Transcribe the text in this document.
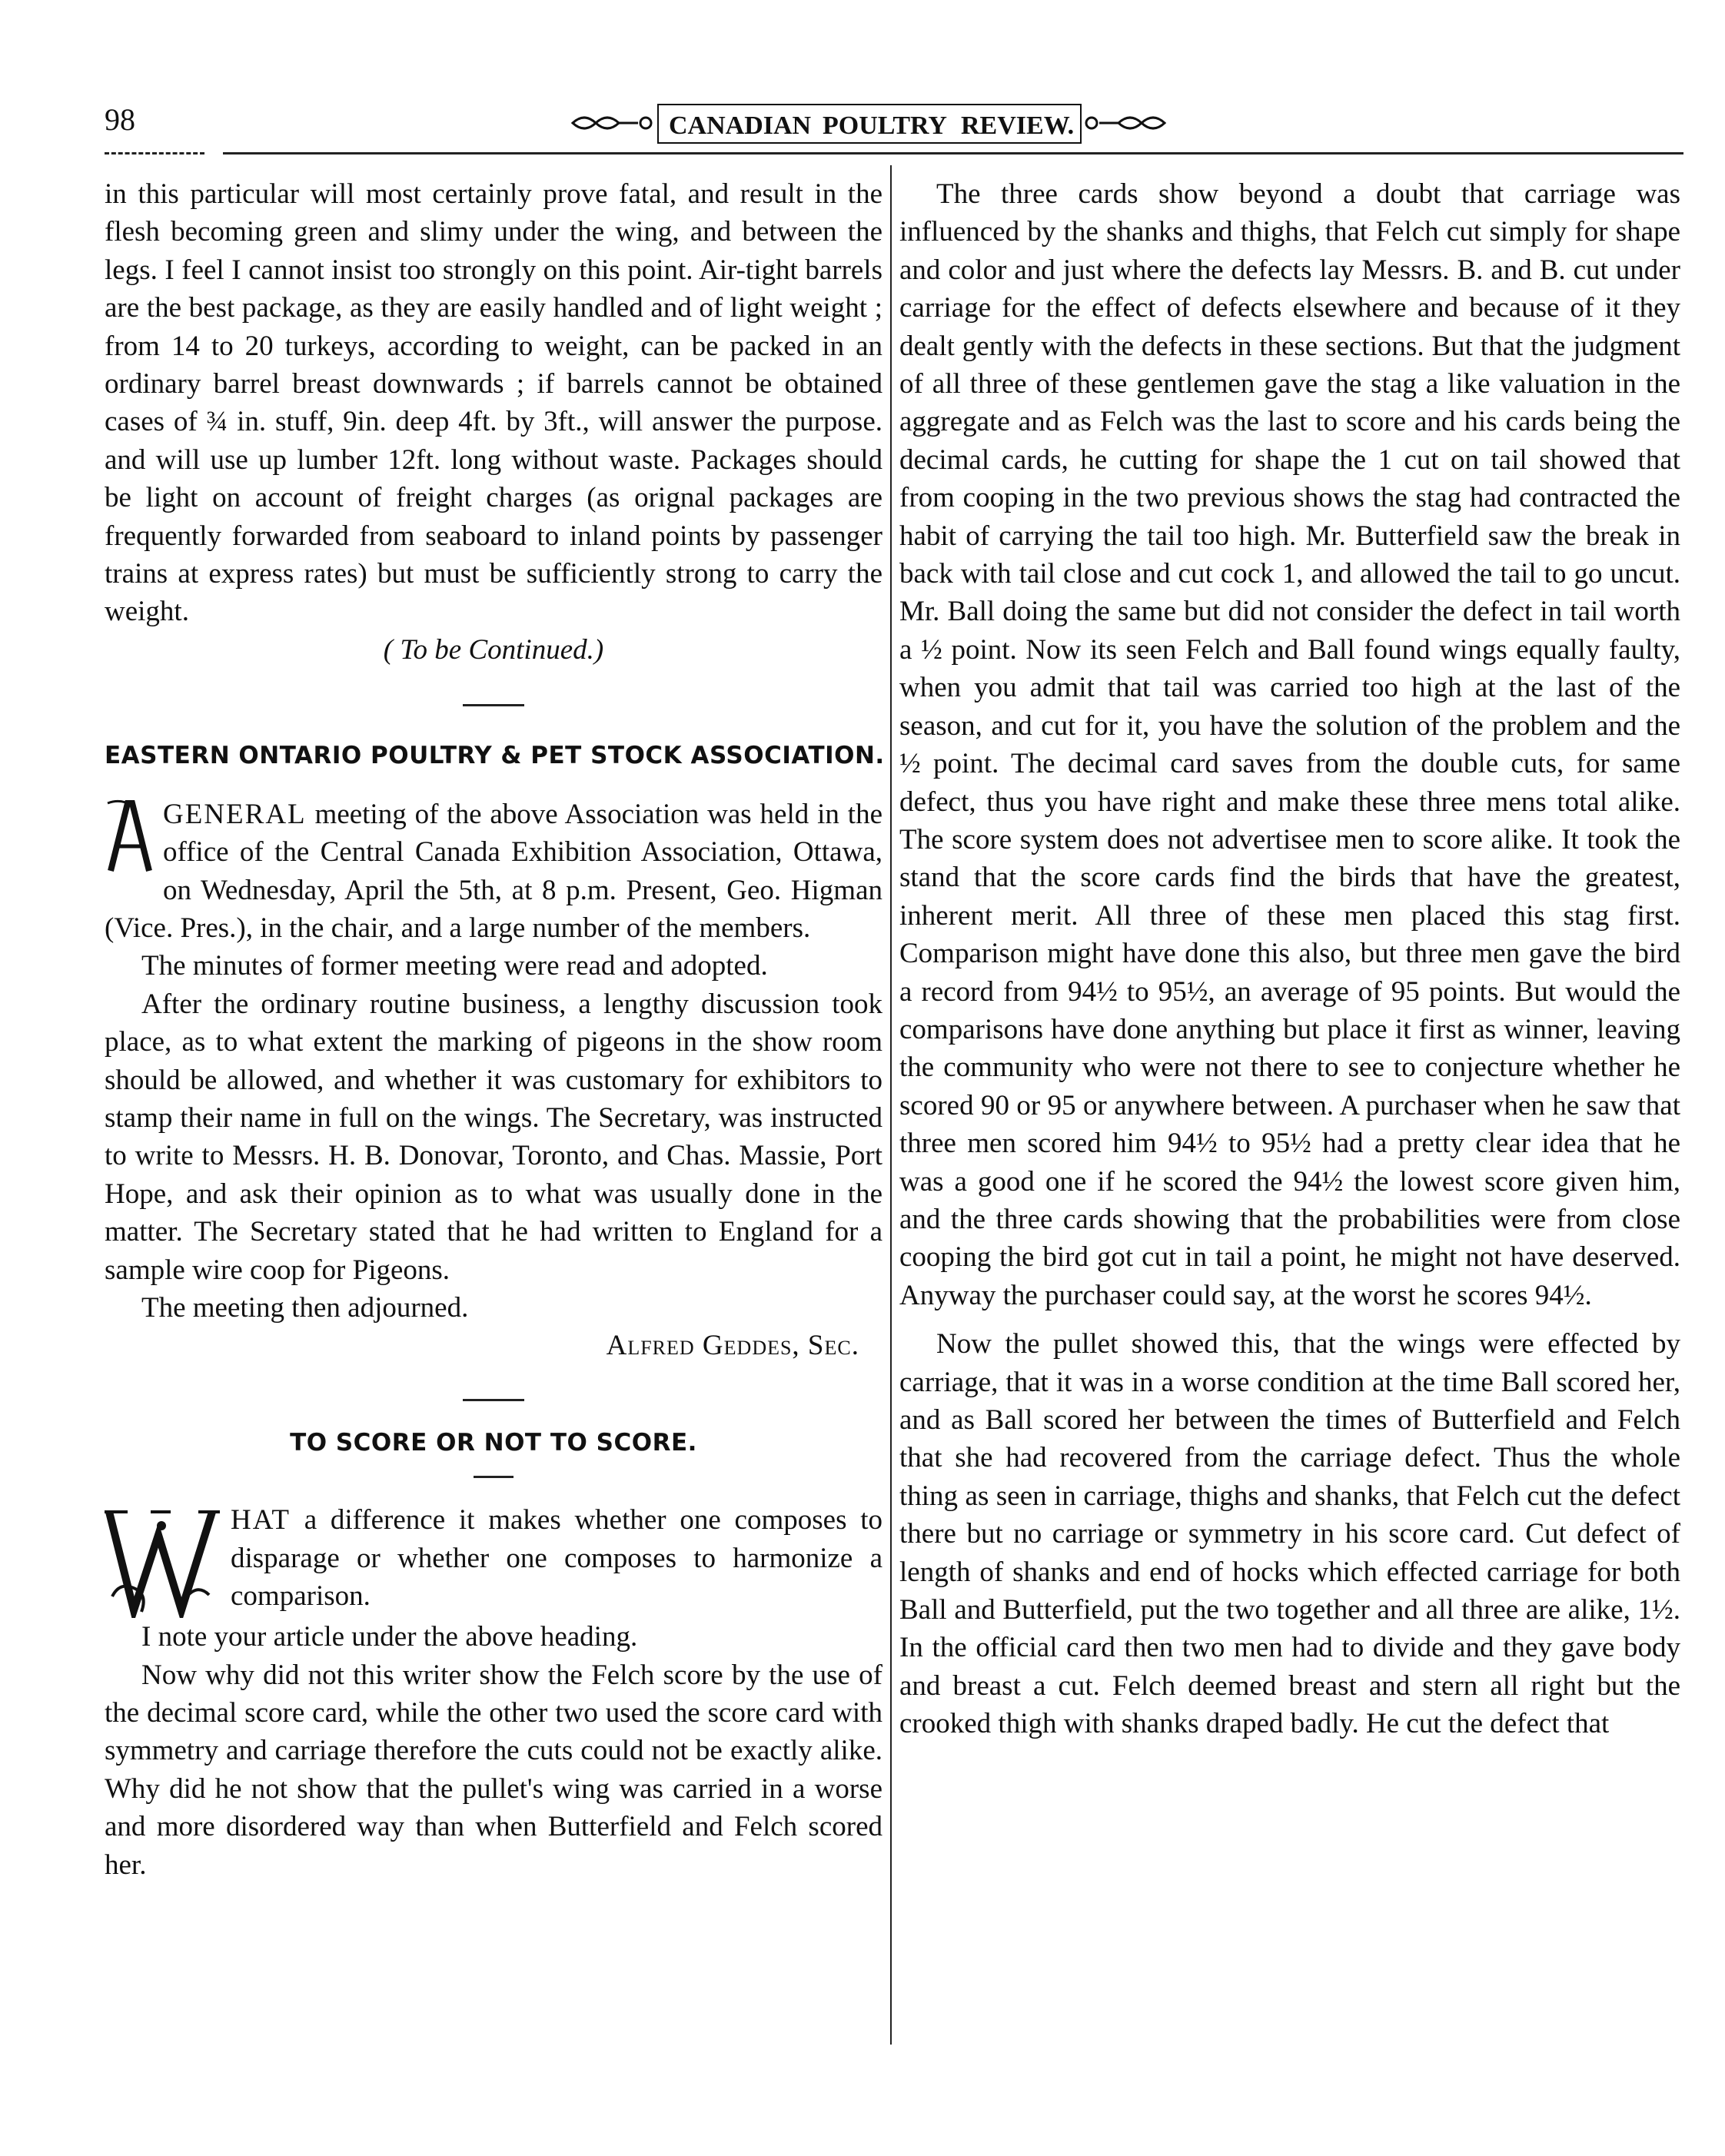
98	CANADIAN POULTRY REVIEW.

in this particular will most certainly prove fatal, and result in the flesh becoming green and slimy under the wing, and between the legs. I feel I cannot insist too strongly on this point. Air-tight barrels are the best package, as they are easily handled and of light weight ; from 14 to 20 turkeys, according to weight, can be packed in an ordinary barrel breast downwards ; if barrels cannot be obtained cases of ¾ in. stuff, 9in. deep 4ft. by 3ft., will answer the purpose. and will use up lumber 12ft. long without waste. Packages should be light on account of freight charges (as orignal packages are frequently forwarded from seaboard to inland points by passenger trains at express rates) but must be sufficiently strong to carry the weight.

( To be Continued.)

EASTERN ONTARIO POULTRY & PET STOCK ASSOCIATION.

GENERAL meeting of the above Association was held in the office of the Central Canada Exhibition Association, Ottawa, on Wednesday, April the 5th, at 8 p.m. Present, Geo. Higman (Vice. Pres.), in the chair, and a large number of the members.

The minutes of former meeting were read and adopted.

After the ordinary routine business, a lengthy discussion took place, as to what extent the marking of pigeons in the show room should be allowed, and whether it was customary for exhibitors to stamp their name in full on the wings. The Secretary, was instructed to write to Messrs. H. B. Donovar, Toronto, and Chas. Massie, Port Hope, and ask their opinion as to what was usually done in the matter. The Secretary stated that he had written to England for a sample wire coop for Pigeons.

The meeting then adjourned.

Alfred Geddes, Sec.

TO SCORE OR NOT TO SCORE.

HAT a difference it makes whether one composes to disparage or whether one composes to harmonize a comparison.

I note your article under the above heading.

Now why did not this writer show the Felch score by the use of the decimal score card, while the other two used the score card with symmetry and carriage therefore the cuts could not be exactly alike. Why did he not show that the pullet's wing was carried in a worse and more disordered way than when Butterfield and Felch scored her.

The three cards show beyond a doubt that carriage was influenced by the shanks and thighs, that Felch cut simply for shape and color and just where the defects lay Messrs. B. and B. cut under carriage for the effect of defects elsewhere and because of it they dealt gently with the defects in these sections. But that the judgment of all three of these gentlemen gave the stag a like valuation in the aggregate and as Felch was the last to score and his cards being the decimal cards, he cutting for shape the 1 cut on tail showed that from cooping in the two previous shows the stag had contracted the habit of carrying the tail too high. Mr. Butterfield saw the break in back with tail close and cut cock 1, and allowed the tail to go uncut. Mr. Ball doing the same but did not consider the defect in tail worth a ½ point. Now its seen Felch and Ball found wings equally faulty, when you admit that tail was carried too high at the last of the season, and cut for it, you have the solution of the problem and the ½ point. The decimal card saves from the double cuts, for same defect, thus you have right and make these three mens total alike. The score system does not advertisee men to score alike. It took the stand that the score cards find the birds that have the greatest, inherent merit. All three of these men placed this stag first. Comparison might have done this also, but three men gave the bird a record from 94½ to 95½, an average of 95 points. But would the comparisons have done anything but place it first as winner, leaving the community who were not there to see to conjecture whether he scored 90 or 95 or anywhere between. A purchaser when he saw that three men scored him 94½ to 95½ had a pretty clear idea that he was a good one if he scored the 94½ the lowest score given him, and the three cards showing that the probabilities were from close cooping the bird got cut in tail a point, he might not have deserved. Anyway the purchaser could say, at the worst he scores 94½.

Now the pullet showed this, that the wings were effected by carriage, that it was in a worse condition at the time Ball scored her, and as Ball scored her between the times of Butterfield and Felch that she had recovered from the carriage defect. Thus the whole thing as seen in carriage, thighs and shanks, that Felch cut the defect there but no carriage or symmetry in his score card. Cut defect of length of shanks and end of hocks which effected carriage for both Ball and Butterfield, put the two together and all three are alike, 1½. In the official card then two men had to divide and they gave body and breast a cut. Felch deemed breast and stern all right but the crooked thigh with shanks draped badly. He cut the defect that
